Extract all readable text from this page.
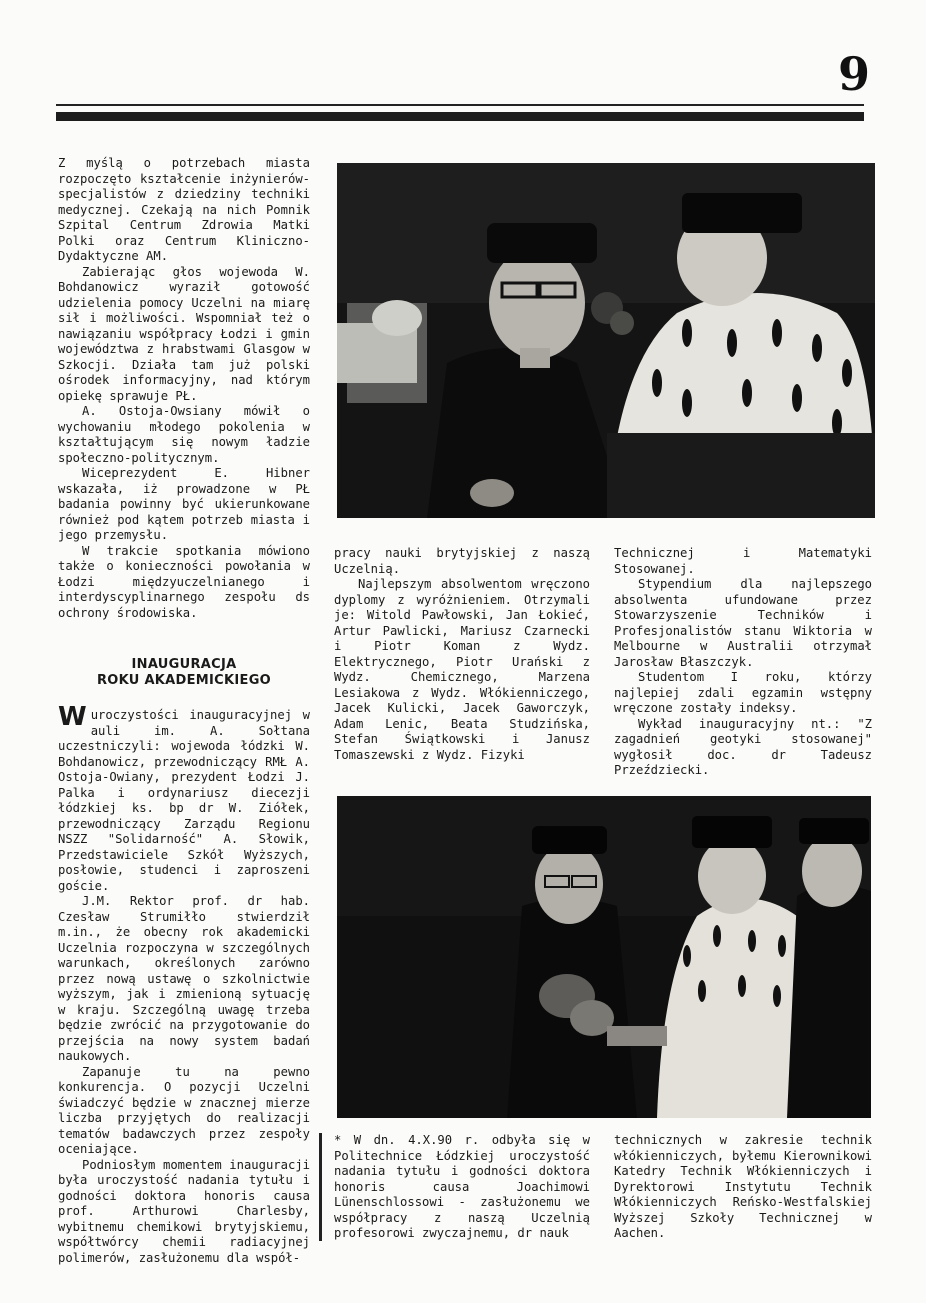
9

Z myślą o potrzebach miasta rozpoczęto kształcenie inżynierów-specjalistów z dziedziny techniki medycznej. Czekają na nich Pomnik Szpital Centrum Zdrowia Matki Polki oraz Centrum Kliniczno-Dydaktyczne AM.

Zabierając głos wojewoda W. Bohdanowicz wyraził gotowość udzielenia pomocy Uczelni na miarę sił i możliwości. Wspomniał też o nawiązaniu współpracy Łodzi i gmin województwa z hrabstwami Glasgow w Szkocji. Działa tam już polski ośrodek informacyjny, nad którym opiekę sprawuje PŁ.

A. Ostoja-Owsiany mówił o wychowaniu młodego pokolenia w kształtującym się nowym ładzie społeczno-politycznym.

Wiceprezydent E. Hibner wskazała, iż prowadzone w PŁ badania powinny być ukierunkowane również pod kątem potrzeb miasta i jego przemysłu.

W trakcie spotkania mówiono także o konieczności powołania w Łodzi międzyuczelnianego i interdyscyplinarnego zespołu ds ochrony środowiska.

INAUGURACJA
ROKU AKADEMICKIEGO

Wuroczystości inauguracyjnej w auli im. A. Sołtana uczestniczyli: wojewoda łódzki W. Bohdanowicz, przewodniczący RMŁ A. Ostoja-Owiany, prezydent Łodzi J. Palka i ordynariusz diecezji łódzkiej ks. bp dr W. Ziółek, przewodniczący Zarządu Regionu NSZZ "Solidarność" A. Słowik, Przedstawiciele Szkół Wyższych, posłowie, studenci i zaproszeni goście.

J.M. Rektor prof. dr hab. Czesław Strumiłło stwierdził m.in., że obecny rok akademicki Uczelnia rozpoczyna w szczególnych warunkach, określonych zarówno przez nową ustawę o szkolnictwie wyższym, jak i zmienioną sytuację w kraju. Szczególną uwagę trzeba będzie zwrócić na przygotowanie do przejścia na nowy system badań naukowych.

Zapanuje tu na pewno konkurencja. O pozycji Uczelni świadczyć będzie w znacznej mierze liczba przyjętych do realizacji tematów badawczych przez zespoły oceniające.

Podniosłym momentem inauguracji była uroczystość nadania tytułu i godności doktora honoris causa prof. Arthurowi Charlesby, wybitnemu chemikowi brytyjskiemu, współtwórcy chemii radiacyjnej polimerów, zasłużonemu dla współ-

pracy nauki brytyjskiej z naszą Uczelnią.

Najlepszym absolwentom wręczono dyplomy z wyróżnieniem. Otrzymali je: Witold Pawłowski, Jan Łokieć, Artur Pawlicki, Mariusz Czarnecki i Piotr Koman z Wydz. Elektrycznego, Piotr Urański z Wydz. Chemicznego, Marzena Lesiakowa z Wydz. Włókienniczego, Jacek Kulicki, Jacek Gaworczyk, Adam Lenic, Beata Studzińska, Stefan Świątkowski i Janusz Tomaszewski z Wydz. Fizyki

Technicznej i Matematyki Stosowanej.

Stypendium dla najlepszego absolwenta ufundowane przez Stowarzyszenie Techników i Profesjonalistów stanu Wiktoria w Melbourne w Australii otrzymał Jarosław Błaszczyk.

Studentom I roku, którzy najlepiej zdali egzamin wstępny wręczone zostały indeksy.

Wykład inauguracyjny nt.: "Z zagadnień geotyki stosowanej" wygłosił doc. dr Tadeusz Przeździecki.

* W dn. 4.X.90 r. odbyła się w Politechnice Łódzkiej uroczystość nadania tytułu i godności doktora honoris causa Joachimowi Lünenschlossowi - zasłużonemu we współpracy z naszą Uczelnią profesorowi zwyczajnemu, dr nauk

technicznych w zakresie technik włókienniczych, byłemu Kierownikowi Katedry Technik Włókienniczych i Dyrektorowi Instytutu Technik Włókienniczych Reńsko-Westfalskiej Wyższej Szkoły Technicznej w Aachen.
